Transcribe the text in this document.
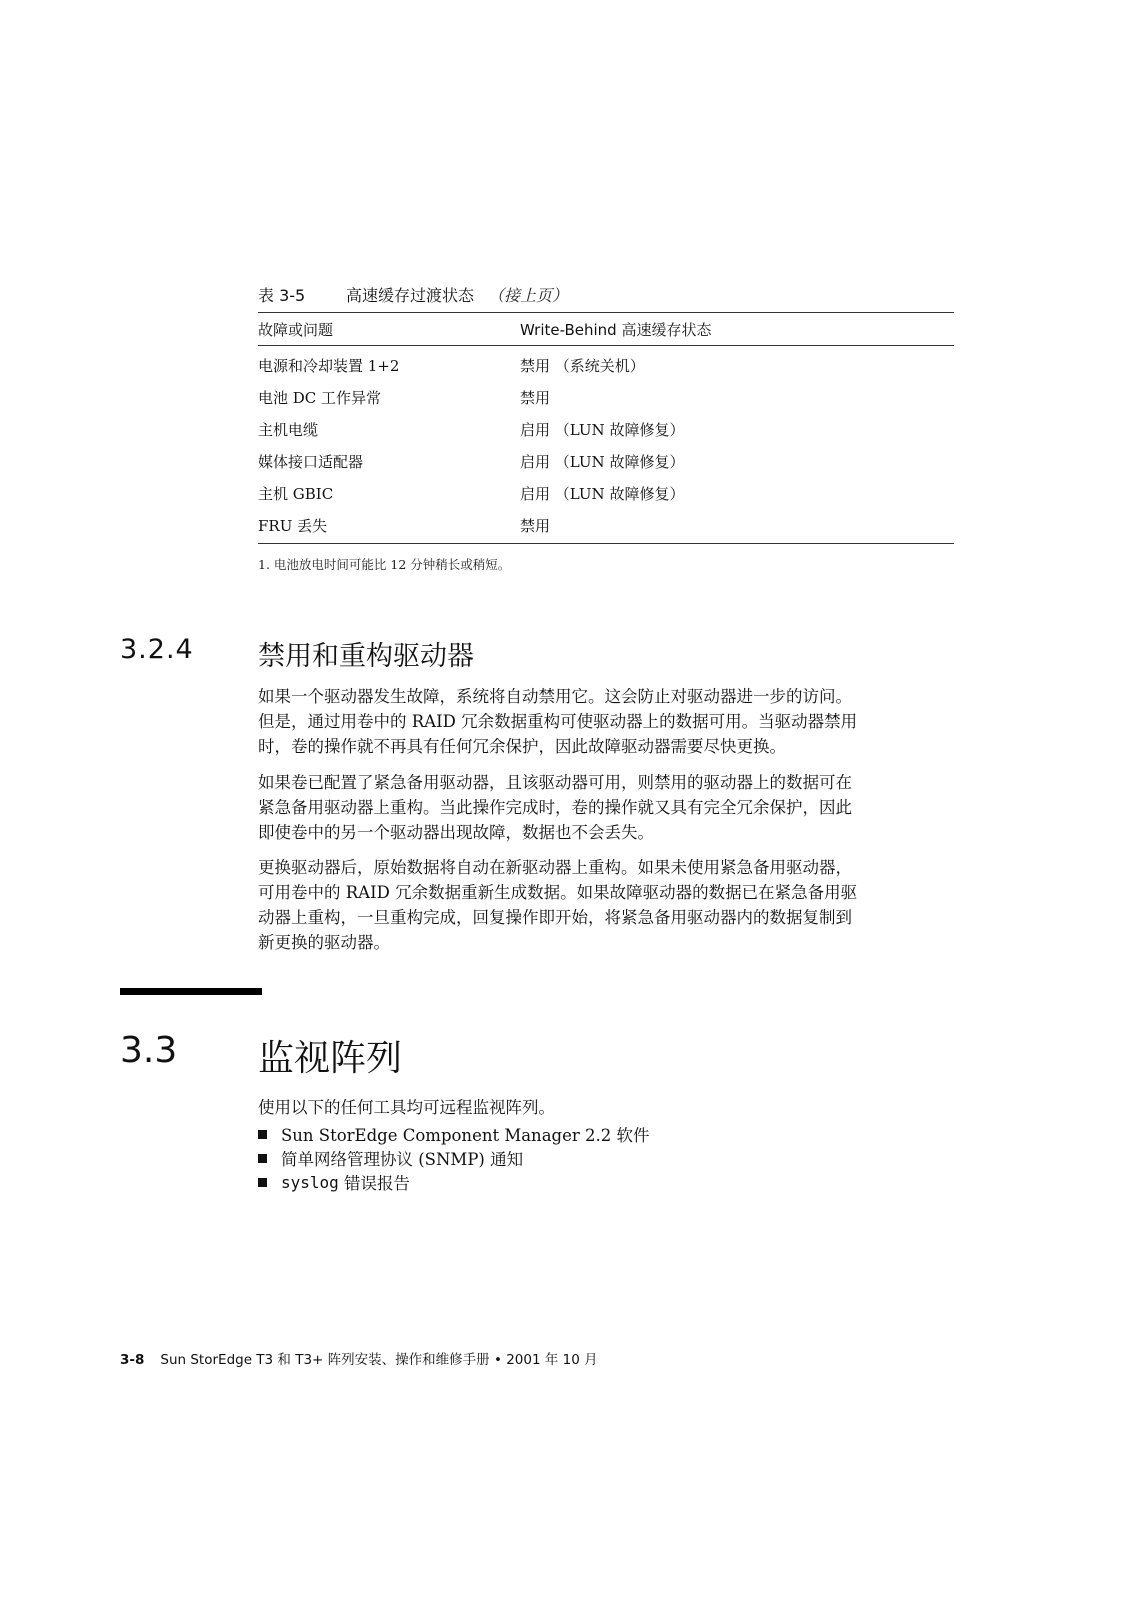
表 3-5	高速缓存过渡状态 （接上页）
故障或问题	Write-Behind 高速缓存状态
电源和冷却装置 1+2	禁用 （系统关机）
电池 DC 工作异常	禁用
主机电缆	启用 （LUN 故障修复）
媒体接口适配器	启用 （LUN 故障修复）
主机 GBIC	启用 （LUN 故障修复）
FRU 丢失	禁用
1. 电池放电时间可能比 12 分钟稍长或稍短。
3.2.4 禁用和重构驱动器
如果一个驱动器发生故障，系统将自动禁用它。这会防止对驱动器进一步的访问。
但是，通过用卷中的 RAID 冗余数据重构可使驱动器上的数据可用。当驱动器禁用
时，卷的操作就不再具有任何冗余保护，因此故障驱动器需要尽快更换。
如果卷已配置了紧急备用驱动器，且该驱动器可用，则禁用的驱动器上的数据可在
紧急备用驱动器上重构。当此操作完成时，卷的操作就又具有完全冗余保护，因此
即使卷中的另一个驱动器出现故障，数据也不会丢失。
更换驱动器后，原始数据将自动在新驱动器上重构。如果未使用紧急备用驱动器，
可用卷中的 RAID 冗余数据重新生成数据。如果故障驱动器的数据已在紧急备用驱
动器上重构，一旦重构完成，回复操作即开始，将紧急备用驱动器内的数据复制到
新更换的驱动器。
3.3 监视阵列
使用以下的任何工具均可远程监视阵列。
Sun StorEdge Component Manager 2.2 软件
简单网络管理协议 (SNMP) 通知
syslog 错误报告
3-8 Sun StorEdge T3 和 T3+ 阵列安装、操作和维修手册 • 2001 年 10 月
